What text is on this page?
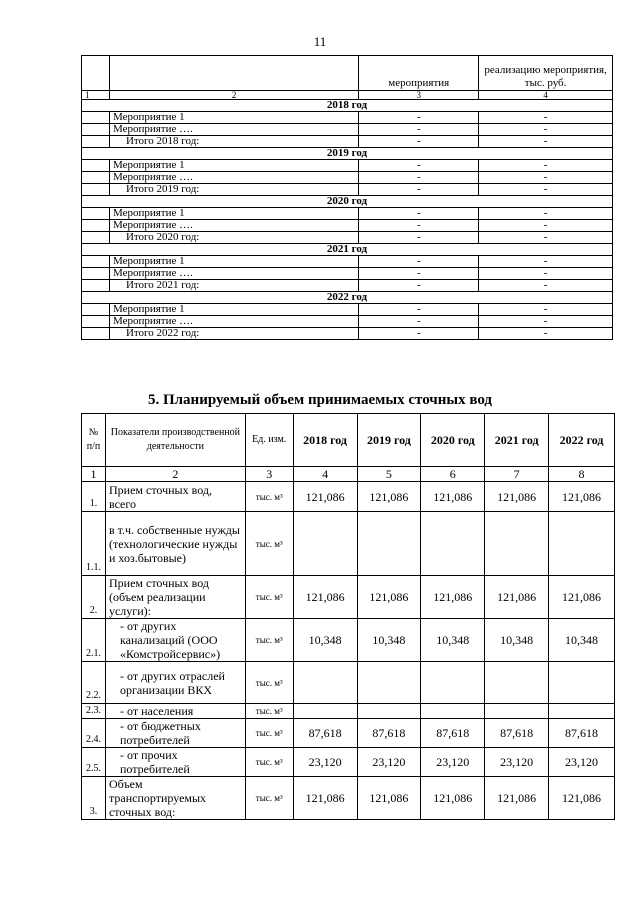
11
		мероприятия	реализацию мероприятия, тыс. руб.
1	2	3	4
2018 год			
	Мероприятие 1	-	-
	Мероприятие ….	-	-
	Итого 2018 год:	-	-
2019 год			
	Мероприятие 1	-	-
	Мероприятие ….	-	-
	Итого 2019 год:	-	-
2020 год			
	Мероприятие 1	-	-
	Мероприятие ….	-	-
	Итого 2020 год:	-	-
2021 год			
	Мероприятие 1	-	-
	Мероприятие ….	-	-
	Итого 2021 год:	-	-
2022 год			
	Мероприятие 1	-	-
	Мероприятие ….	-	-
	Итого 2022 год:	-	-
5. Планируемый объем принимаемых сточных вод
№ п/п	Показатели производственной деятельности	Ед. изм.	2018 год	2019 год	2020 год	2021 год	2022 год
1	2	3	4	5	6	7	8
1.	Прием сточных вод, всего	тыс. м³	121,086	121,086	121,086	121,086	121,086
1.1.	в т.ч. собственные нужды (технологические нужды и хоз.бытовые)	тыс. м³					
2.	Прием сточных вод (объем реализации услуги):	тыс. м³	121,086	121,086	121,086	121,086	121,086
2.1.	- от других канализаций (ООО «Комстройсервис»)	тыс. м³	10,348	10,348	10,348	10,348	10,348
2.2.	- от других отраслей организации ВКХ	тыс. м³					
2.3.	- от населения	тыс. м³					
2.4.	- от бюджетных потребителей	тыс. м³	87,618	87,618	87,618	87,618	87,618
2.5.	- от прочих потребителей	тыс. м³	23,120	23,120	23,120	23,120	23,120
3.	Объем транспортируемых сточных вод:	тыс. м³	121,086	121,086	121,086	121,086	121,086
